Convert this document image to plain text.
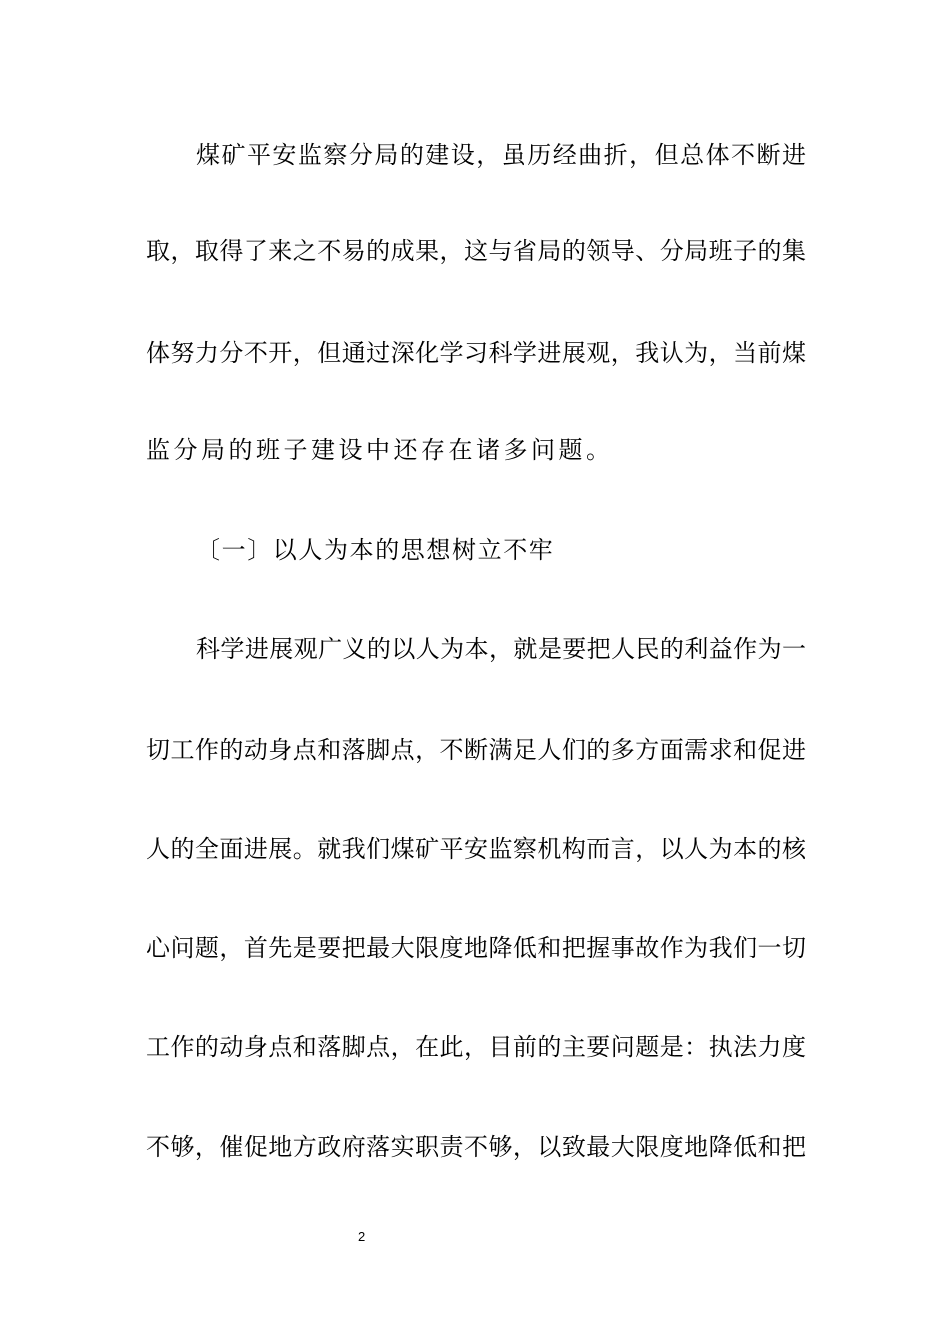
煤矿平安监察分局的建设，虽历经曲折，但总体不断进
取，取得了来之不易的成果，这与省局的领导、分局班子的集
体努力分不开，但通过深化学习科学进展观，我认为，当前煤
监分局的班子建设中还存在诸多问题。
〔一〕以人为本的思想树立不牢
科学进展观广义的以人为本，就是要把人民的利益作为一
切工作的动身点和落脚点，不断满足人们的多方面需求和促进
人的全面进展。就我们煤矿平安监察机构而言，以人为本的核
心问题，首先是要把最大限度地降低和把握事故作为我们一切
工作的动身点和落脚点，在此，目前的主要问题是：执法力度
不够，催促地方政府落实职责不够，以致最大限度地降低和把
2
